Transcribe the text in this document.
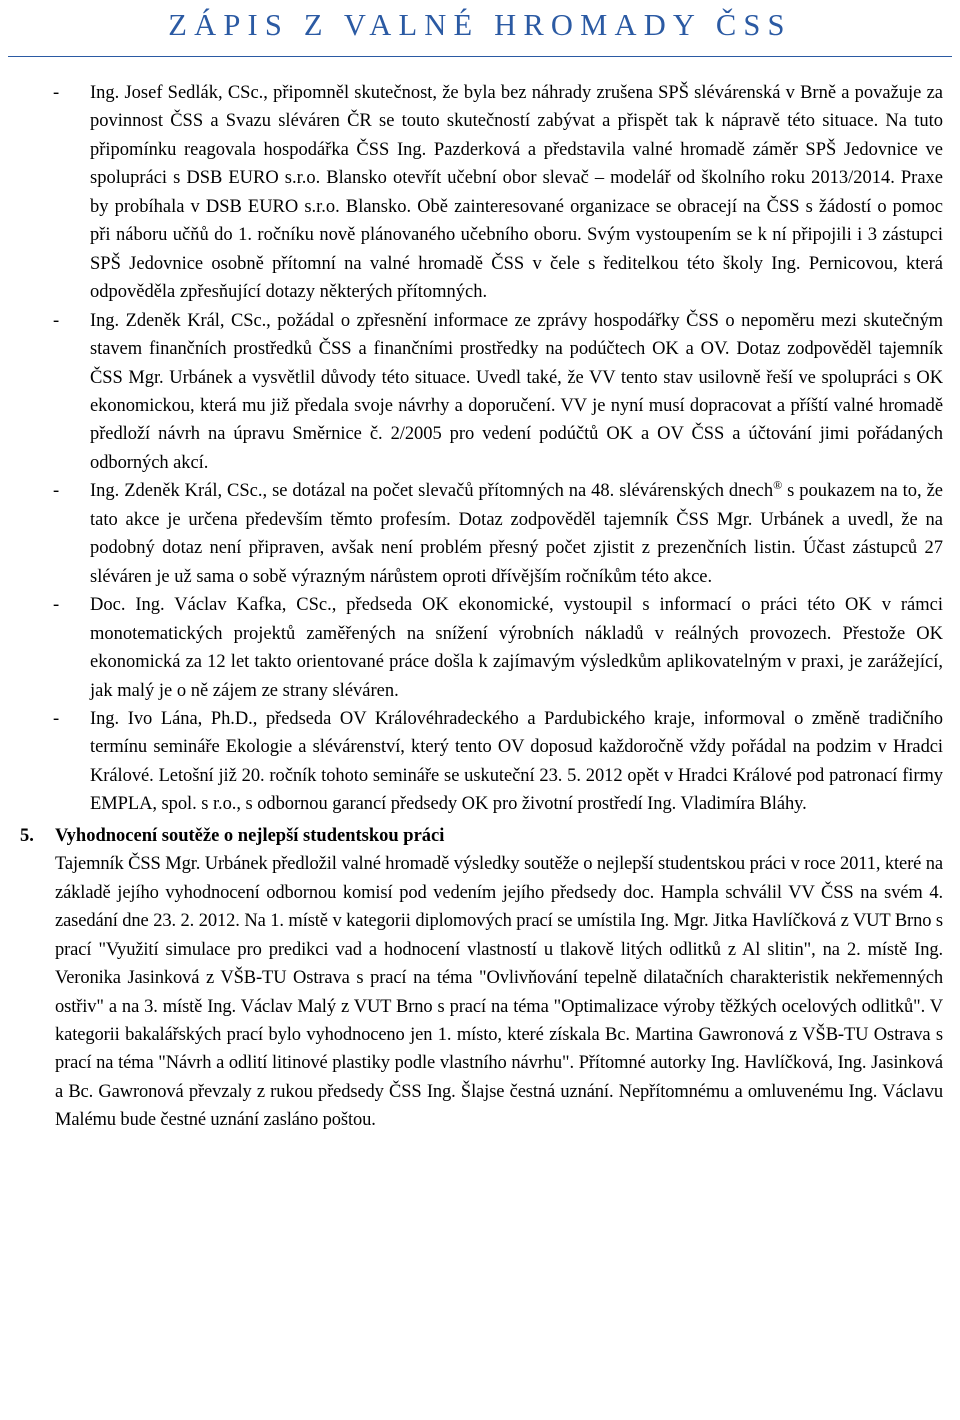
ZÁPIS Z VALNÉ HROMADY ČSS

- Ing. Josef Sedlák, CSc., připomněl skutečnost, že byla bez náhrady zrušena SPŠ slévárenská v Brně a považuje za povinnost ČSS a Svazu sléváren ČR se touto skutečností zabývat a přispět tak k nápravě této situace. Na tuto připomínku reagovala hospodářka ČSS Ing. Pazderková a představila valné hromadě záměr SPŠ Jedovnice ve spolupráci s DSB EURO s.r.o. Blansko otevřít učební obor slevač – modelář od školního roku 2013/2014. Praxe by probíhala v DSB EURO s.r.o. Blansko. Obě zainteresované organizace se obracejí na ČSS s žádostí o pomoc při náboru učňů do 1. ročníku nově plánovaného učebního oboru. Svým vystoupením se k ní připojili i 3 zástupci SPŠ Jedovnice osobně přítomní na valné hromadě ČSS v čele s ředitelkou této školy Ing. Pernicovou, která odpověděla zpřesňující dotazy některých přítomných.

- Ing. Zdeněk Král, CSc., požádal o zpřesnění informace ze zprávy hospodářky ČSS o nepoměru mezi skutečným stavem finančních prostředků ČSS a finančními prostředky na podúčtech OK a OV. Dotaz zodpověděl tajemník ČSS Mgr. Urbánek a vysvětlil důvody této situace. Uvedl také, že VV tento stav usilovně řeší ve spolupráci s OK ekonomickou, která mu již předala svoje návrhy a doporučení. VV je nyní musí dopracovat a příští valné hromadě předloží návrh na úpravu Směrnice č. 2/2005 pro vedení podúčtů OK a OV ČSS a účtování jimi pořádaných odborných akcí.

- Ing. Zdeněk Král, CSc., se dotázal na počet slevačů přítomných na 48. slévárenských dnech® s poukazem na to, že tato akce je určena především těmto profesím. Dotaz zodpověděl tajemník ČSS Mgr. Urbánek a uvedl, že na podobný dotaz není připraven, avšak není problém přesný počet zjistit z prezenčních listin. Účast zástupců 27 sléváren je už sama o sobě výrazným nárůstem oproti dřívějším ročníkům této akce.

- Doc. Ing. Václav Kafka, CSc., předseda OK ekonomické, vystoupil s informací o práci této OK v rámci monotematických projektů zaměřených na snížení výrobních nákladů v reálných provozech. Přestože OK ekonomická za 12 let takto orientované práce došla k zajímavým výsledkům aplikovatelným v praxi, je zarážející, jak malý je o ně zájem ze strany sléváren.

- Ing. Ivo Lána, Ph.D., předseda OV Královéhradeckého a Pardubického kraje, informoval o změně tradičního termínu semináře Ekologie a slévárenství, který tento OV doposud každoročně vždy pořádal na podzim v Hradci Králové. Letošní již 20. ročník tohoto semináře se uskuteční 23. 5. 2012 opět v Hradci Králové pod patronací firmy EMPLA, spol. s r.o., s odbornou garancí předsedy OK pro životní prostředí Ing. Vladimíra Bláhy.

5. Vyhodnocení soutěže o nejlepší studentskou práci
Tajemník ČSS Mgr. Urbánek předložil valné hromadě výsledky soutěže o nejlepší studentskou práci v roce 2011, které na základě jejího vyhodnocení odbornou komisí pod vedením jejího předsedy doc. Hampla schválil VV ČSS na svém 4. zasedání dne 23. 2. 2012. Na 1. místě v kategorii diplomových prací se umístila Ing. Mgr. Jitka Havlíčková z VUT Brno s prací "Využití simulace pro predikci vad a hodnocení vlastností u tlakově litých odlitků z Al slitin", na 2. místě Ing. Veronika Jasinková z VŠB-TU Ostrava s prací na téma "Ovlivňování tepelně dilatačních charakteristik nekřemenných ostřiv" a na 3. místě Ing. Václav Malý z VUT Brno s prací na téma "Optimalizace výroby těžkých ocelových odlitků". V kategorii bakalářských prací bylo vyhodnoceno jen 1. místo, které získala Bc. Martina Gawronová z VŠB-TU Ostrava s prací na téma "Návrh a odlití litinové plastiky podle vlastního návrhu". Přítomné autorky Ing. Havlíčková, Ing. Jasinková a Bc. Gawronová převzaly z rukou předsedy ČSS Ing. Šlajse čestná uznání. Nepřítomnému a omluvenému Ing. Václavu Malému bude čestné uznání zasláno poštou.
